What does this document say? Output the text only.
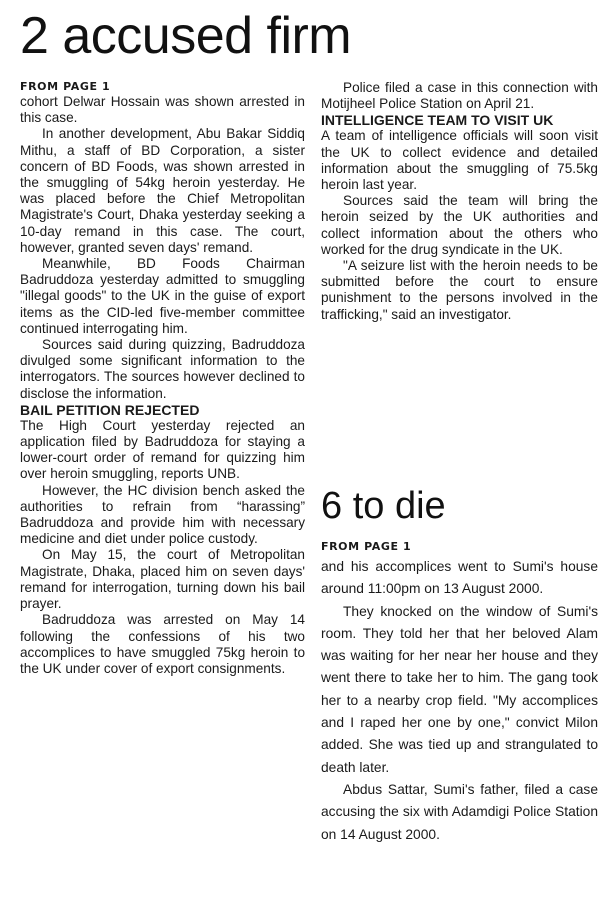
2 accused firm
FROM PAGE 1

cohort Delwar Hossain was shown arrested in this case.

In another development, Abu Bakar Siddiq Mithu, a staff of BD Corporation, a sister concern of BD Foods, was shown arrested in the smuggling of 54kg heroin yesterday. He was placed before the Chief Metropolitan Magistrate's Court, Dhaka yesterday seeking a 10-day remand in this case. The court, however, granted seven days' remand.

Meanwhile, BD Foods Chairman Badruddoza yesterday admitted to smuggling "illegal goods" to the UK in the guise of export items as the CID-led five-member committee continued interrogating him.

Sources said during quizzing, Badruddoza divulged some significant information to the interrogators. The sources however declined to disclose the information.

BAIL PETITION REJECTED

The High Court yesterday rejected an application filed by Badruddoza for staying a lower-court order of remand for quizzing him over heroin smuggling, reports UNB.

However, the HC division bench asked the authorities to refrain from “harassing” Badruddoza and provide him with necessary medicine and diet under police custody.

On May 15, the court of Metropolitan Magistrate, Dhaka, placed him on seven days' remand for interrogation, turning down his bail prayer.

Badruddoza was arrested on May 14 following the confessions of his two accomplices to have smuggled 75kg heroin to the UK under cover of export consignments.

Police filed a case in this connection with Motijheel Police Station on April 21.

INTELLIGENCE TEAM TO VISIT UK

A team of intelligence officials will soon visit the UK to collect evidence and detailed information about the smuggling of 75.5kg heroin last year.

Sources said the team will bring the heroin seized by the UK authorities and collect information about the others who worked for the drug syndicate in the UK.

"A seizure list with the heroin needs to be submitted before the court to ensure punishment to the persons involved in the trafficking," said an investigator.

6 to die
FROM PAGE 1

and his accomplices went to Sumi's house around 11:00pm on 13 August 2000.

They knocked on the window of Sumi's room. They told her that her beloved Alam was waiting for her near her house and they went there to take her to him. The gang took her to a nearby crop field. "My accomplices and I raped her one by one," convict Milon added. She was tied up and strangulated to death later.

Abdus Sattar, Sumi's father, filed a case accusing the six with Adamdigi Police Station on 14 August 2000.
